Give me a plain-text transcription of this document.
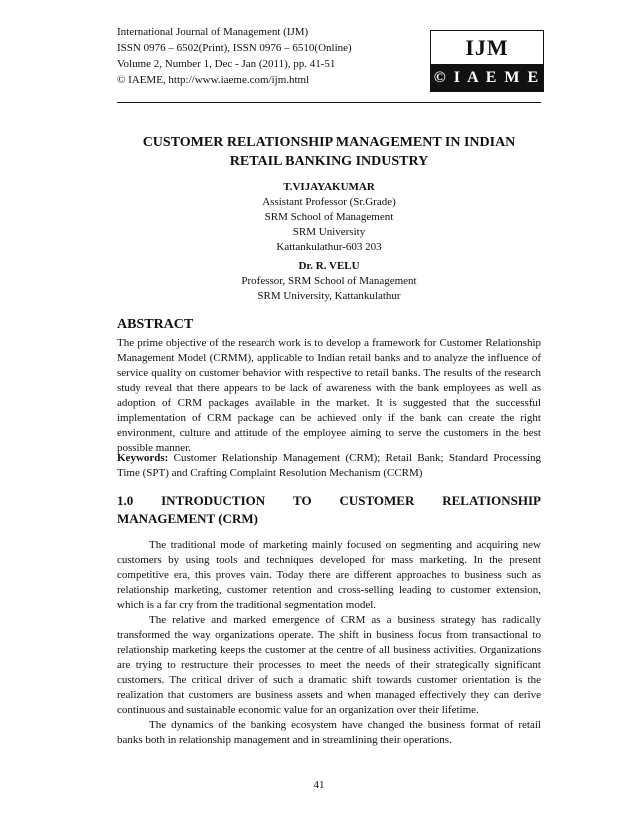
International Journal of Management (IJM)
ISSN 0976 – 6502(Print), ISSN 0976 – 6510(Online)
Volume 2, Number 1, Dec - Jan (2011), pp. 41-51
© IAEME, http://www.iaeme.com/ijm.html
IJM
© I A E M E
CUSTOMER RELATIONSHIP MANAGEMENT IN INDIAN
RETAIL BANKING INDUSTRY
T.VIJAYAKUMAR
Assistant Professor (Sr.Grade)
SRM School of Management
SRM University
Kattankulathur-603 203
Dr. R. VELU
Professor, SRM School of Management
SRM University, Kattankulathur
ABSTRACT
The prime objective of the research work is to develop a framework for Customer Relationship Management Model (CRMM), applicable to Indian retail banks and to analyze the influence of service quality on customer behavior with respective to retail banks. The results of the research study reveal that there appears to be lack of awareness with the bank employees as well as adoption of CRM packages available in the market. It is suggested that the successful implementation of CRM package can be achieved only if the bank can create the right environment, culture and attitude of the employee aiming to serve the customers in the best possible manner.
Keywords: Customer Relationship Management (CRM); Retail Bank; Standard Processing Time (SPT) and Crafting Complaint Resolution Mechanism (CCRM)
1.0 INTRODUCTION TO CUSTOMER RELATIONSHIP
MANAGEMENT (CRM)

The traditional mode of marketing mainly focused on segmenting and acquiring new customers by using tools and techniques developed for mass marketing. In the present competitive era, this proves vain. Today there are different approaches to business such as relationship marketing, customer retention and cross-selling leading to customer extension, which is a far cry from the traditional segmentation model.

The relative and marked emergence of CRM as a business strategy has radically transformed the way organizations operate. The shift in business focus from transactional to relationship marketing keeps the customer at the centre of all business activities. Organizations are trying to restructure their processes to meet the needs of their strategically significant customers. The critical driver of such a dramatic shift towards customer orientation is the realization that customers are business assets and when managed effectively they can derive continuous and sustainable economic value for an organization over their lifetime.

The dynamics of the banking ecosystem have changed the business format of retail banks both in relationship management and in streamlining their operations.

41
